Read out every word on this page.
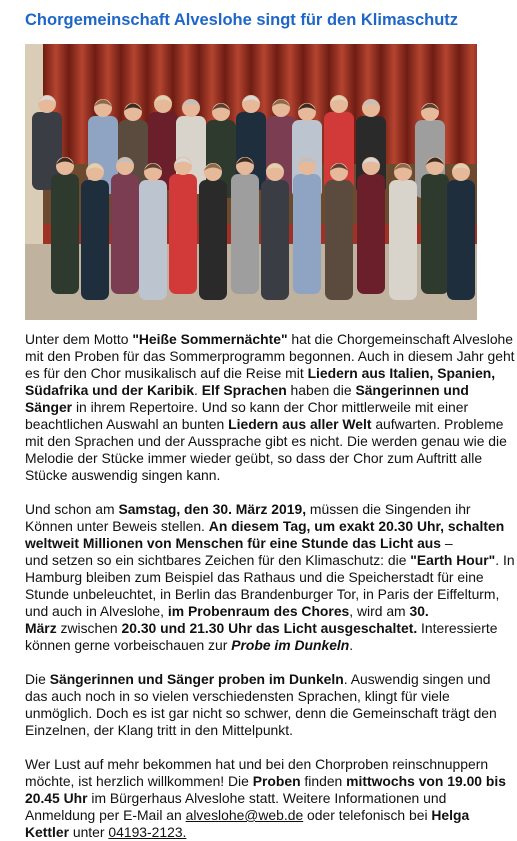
Chorgemeinschaft Alveslohe singt für den Klimaschutz

Unter dem Motto "Heiße Sommernächte" hat die Chorgemeinschaft Alveslohe
mit den Proben für das Sommerprogramm begonnen. Auch in diesem Jahr geht
es für den Chor musikalisch auf die Reise mit Liedern aus Italien, Spanien,
Südafrika und der Karibik. Elf Sprachen haben die Sängerinnen und
Sänger in ihrem Repertoire. Und so kann der Chor mittlerweile mit einer
beachtlichen Auswahl an bunten Liedern aus aller Welt aufwarten. Probleme
mit den Sprachen und der Aussprache gibt es nicht. Die werden genau wie die
Melodie der Stücke immer wieder geübt, so dass der Chor zum Auftritt alle
Stücke auswendig singen kann.

Und schon am Samstag, den 30. März 2019, müssen die Singenden ihr
Können unter Beweis stellen. An diesem Tag, um exakt 20.30 Uhr, schalten
weltweit Millionen von Menschen für eine Stunde das Licht aus –
und setzen so ein sichtbares Zeichen für den Klimaschutz: die "Earth Hour". In
Hamburg bleiben zum Beispiel das Rathaus und die Speicherstadt für eine
Stunde unbeleuchtet, in Berlin das Brandenburger Tor, in Paris der Eiffelturm,
und auch in Alveslohe, im Probenraum des Chores, wird am 30.
März zwischen 20.30 und 21.30 Uhr das Licht ausgeschaltet. Interessierte
können gerne vorbeischauen zur Probe im Dunkeln.

Die Sängerinnen und Sänger proben im Dunkeln. Auswendig singen und
das auch noch in so vielen verschiedensten Sprachen, klingt für viele
unmöglich. Doch es ist gar nicht so schwer, denn die Gemeinschaft trägt den
Einzelnen, der Klang tritt in den Mittelpunkt.

Wer Lust auf mehr bekommen hat und bei den Chorproben reinschnuppern
möchte, ist herzlich willkommen! Die Proben finden mittwochs von 19.00 bis
20.45 Uhr im Bürgerhaus Alveslohe statt. Weitere Informationen und
Anmeldung per E-Mail an alveslohe@web.de oder telefonisch bei Helga
Kettler unter 04193-2123.
